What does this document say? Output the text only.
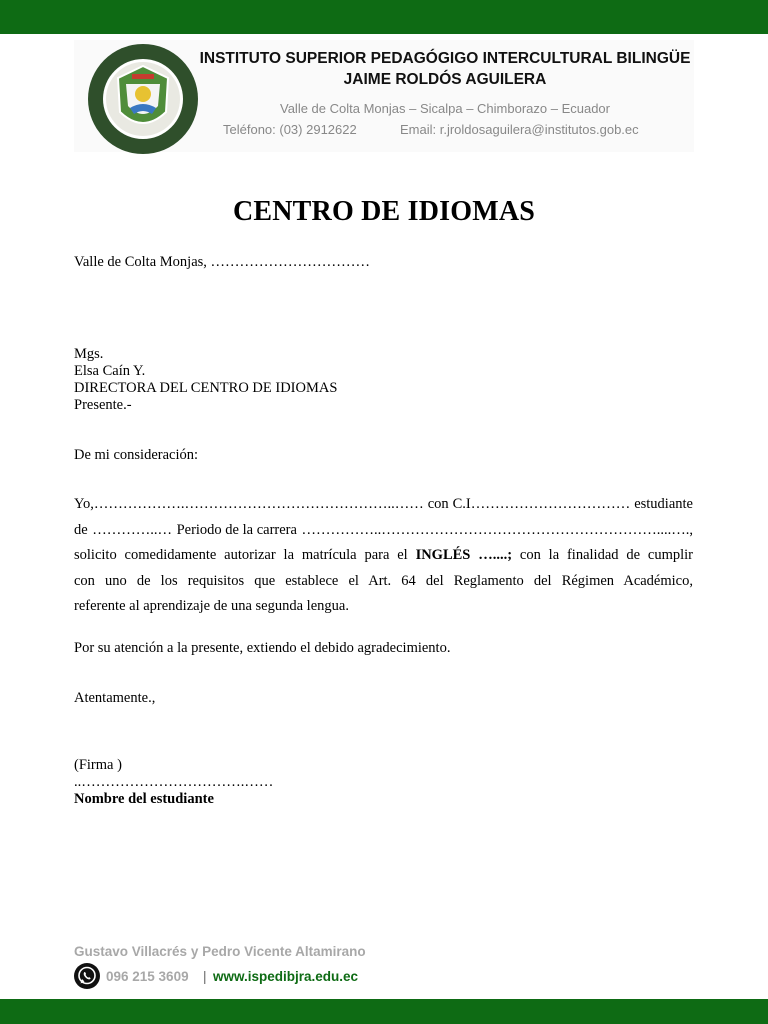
INSTITUTO SUPERIOR PEDAGÓGIGO INTERCULTURAL BILINGÜE
JAIME ROLDÓS AGUILERA
Valle de Colta Monjas – Sicalpa – Chimborazo – Ecuador
Teléfono: (03) 2912622	Email: r.jroldosaguilera@institutos.gob.ec
CENTRO DE IDIOMAS
Valle de Colta Monjas, ……………………………
Mgs.
Elsa Caín Y.
DIRECTORA DEL CENTRO DE IDIOMAS
Presente.-
De mi consideración:
Yo,……………….……………………………………..…… con C.I…………………………… estudiante
de …………..… Periodo de la carrera ……………..…………………………………………………....….,
solicito comedidamente autorizar la matrícula para el INGLÉS …....; con la finalidad de cumplir
con uno de los requisitos que establece el Art. 64 del Reglamento del Régimen Académico,
referente al aprendizaje de una segunda lengua.
Por su atención a la presente, extiendo el debido agradecimiento.
Atentamente.,
(Firma )
..…………………………….……
Nombre del estudiante
Gustavo Villacrés y Pedro Vicente Altamirano
096 215 3609 | www.ispedibjra.edu.ec
